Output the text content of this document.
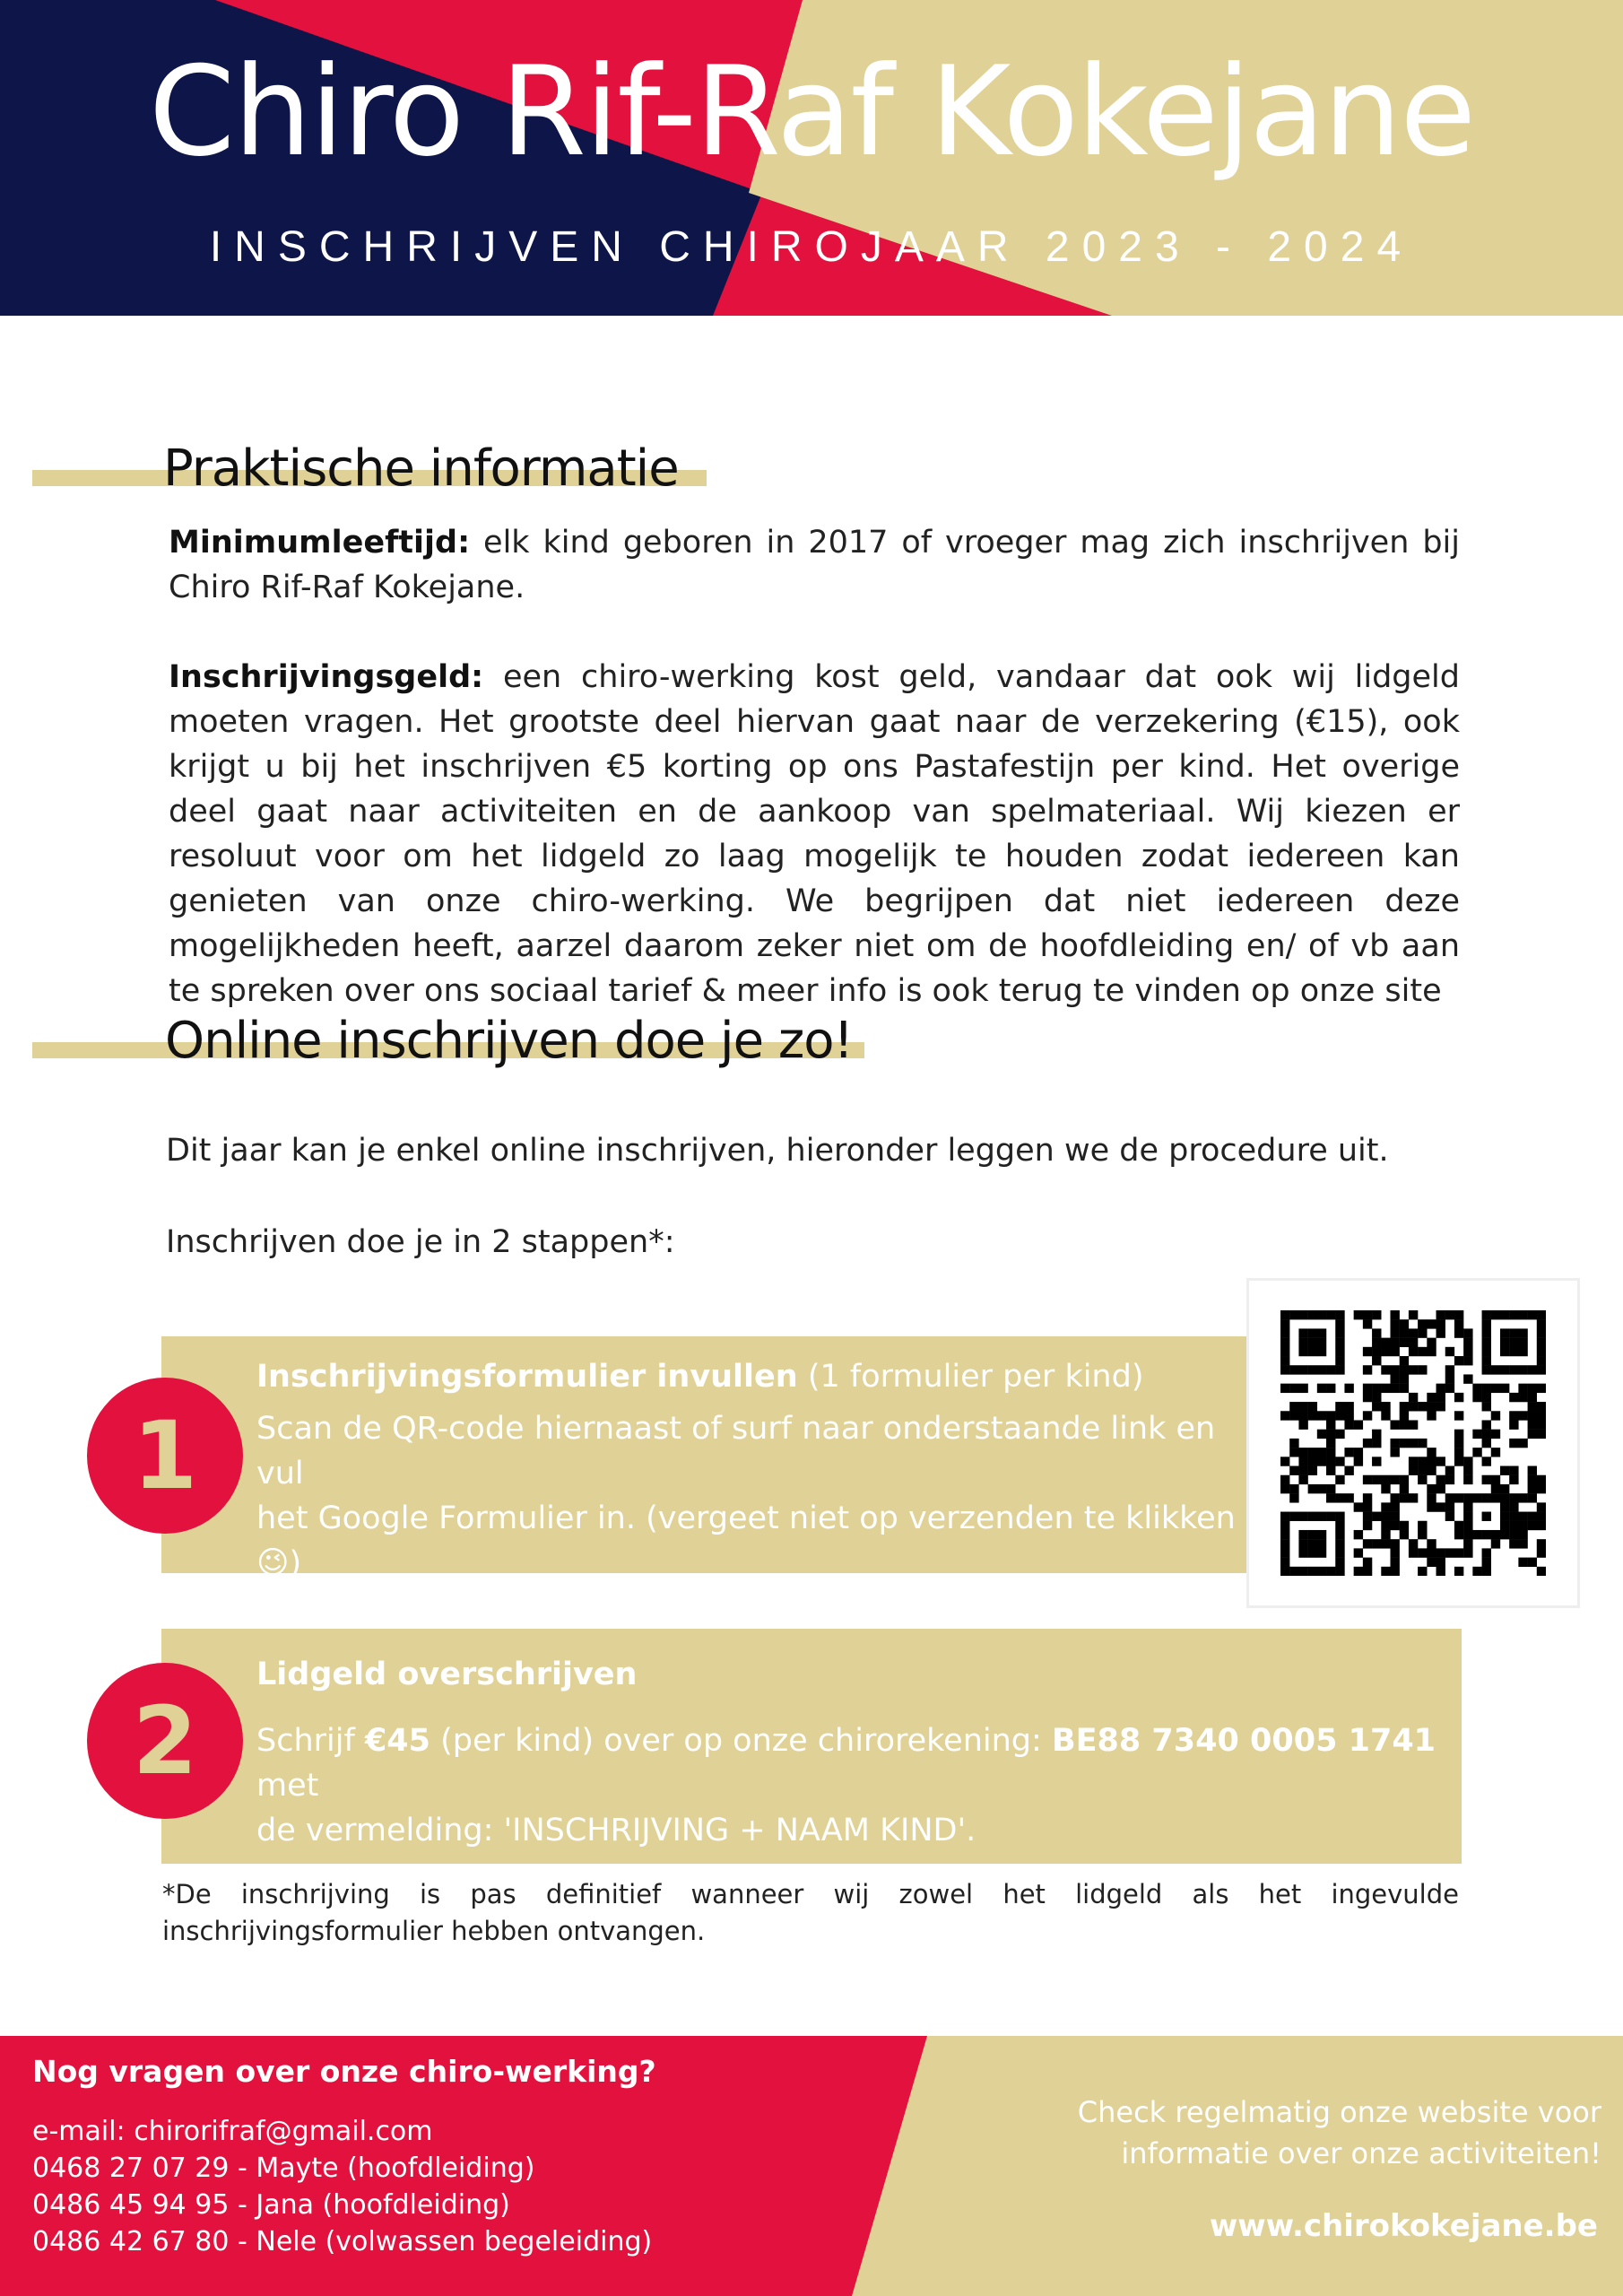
Chiro Rif-Raf Kokejane
INSCHRIJVEN CHIROJAAR 2023 - 2024
Praktische informatie
Minimumleeftijd: elk kind geboren in 2017 of vroeger mag zich inschrijven bij Chiro Rif-Raf Kokejane.
Inschrijvingsgeld: een chiro-werking kost geld, vandaar dat ook wij lidgeld moeten vragen. Het grootste deel hiervan gaat naar de verzekering (€15), ook krijgt u bij het inschrijven €5 korting op ons Pastafestijn per kind. Het overige deel gaat naar activiteiten en de aankoop van spelmateriaal. Wij kiezen er resoluut voor om het lidgeld zo laag mogelijk te houden zodat iedereen kan genieten van onze chiro-werking. We begrijpen dat niet iedereen deze mogelijkheden heeft, aarzel daarom zeker niet om de hoofdleiding en/ of vb aan te spreken over ons sociaal tarief & meer info is ook terug te vinden op onze site
Online inschrijven doe je zo!
Dit jaar kan je enkel online inschrijven, hieronder leggen we de procedure uit.
Inschrijven doe je in 2 stappen*:
1
Inschrijvingsformulier invullen (1 formulier per kind)
Scan de QR-code hiernaast of surf naar onderstaande link en vul
het Google Formulier in. (vergeet niet op verzenden te klikken 😉)
https://forms.gle/EgBLEm55T9SZ7ndt5
2
Lidgeld overschrijven
Schrijf €45 (per kind) over op onze chirorekening: BE88 7340 0005 1741 met
de vermelding: 'INSCHRIJVING + NAAM KIND'.
*De inschrijving is pas definitief wanneer wij zowel het lidgeld als het ingevulde inschrijvingsformulier hebben ontvangen.
Nog vragen over onze chiro-werking?
e-mail: chirorifraf@gmail.com
0468 27 07 29 - Mayte (hoofdleiding)
0486 45 94 95 - Jana (hoofdleiding)
0486 42 67 80 - Nele (volwassen begeleiding)
Check regelmatig onze website voor
informatie over onze activiteiten!
www.chirokokejane.be
